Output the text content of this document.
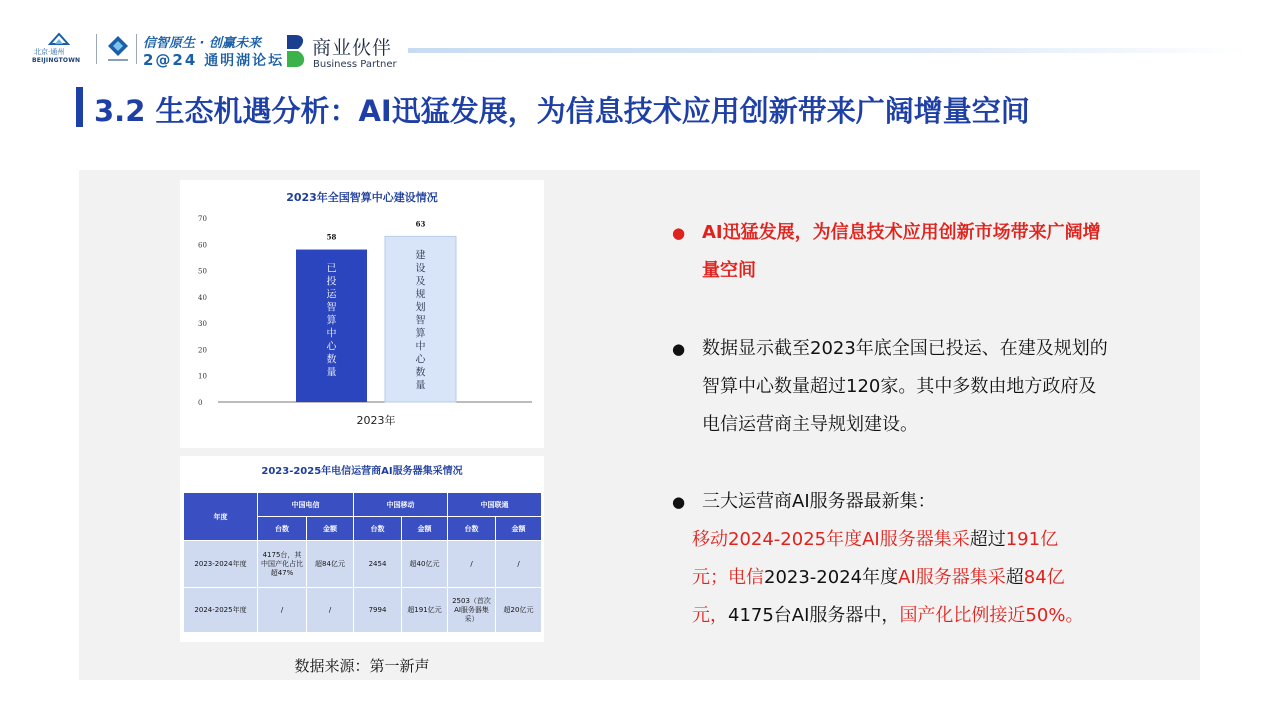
北京·通州
BEIJINGTOWN
信智原生 · 创赢未来
2@24 通明湖论坛
商业伙伴
Business Partner
3.2 生态机遇分析：AI迅猛发展，为信息技术应用创新带来广阔增量空间
2023年全国智算中心建设情况
0
10
20
30
40
50
60
70
58
已投运智算中心数量
63
建设及规划智算中心数量
2023年
2023-2025年电信运营商AI服务器集采情况
年度	中国电信		中国移动		中国联通	
	台数	金额	台数	金额	台数	金额
2023-2024年度	4175台，其中国产化占比超47%	超84亿元	2454	超40亿元	/	/
2024-2025年度	/	/	7994	超191亿元	2503（首次AI服务器集采）	超20亿元
数据来源：第一新声
● AI迅猛发展，为信息技术应用创新市场带来广阔增
量空间
● 数据显示截至2023年底全国已投运、在建及规划的
智算中心数量超过120家。其中多数由地方政府及
电信运营商主导规划建设。
● 三大运营商AI服务器最新集：
移动2024-2025年度AI服务器集采超过191亿
元；电信2023-2024年度AI服务器集采超84亿
元，4175台AI服务器中，国产化比例接近50%。
